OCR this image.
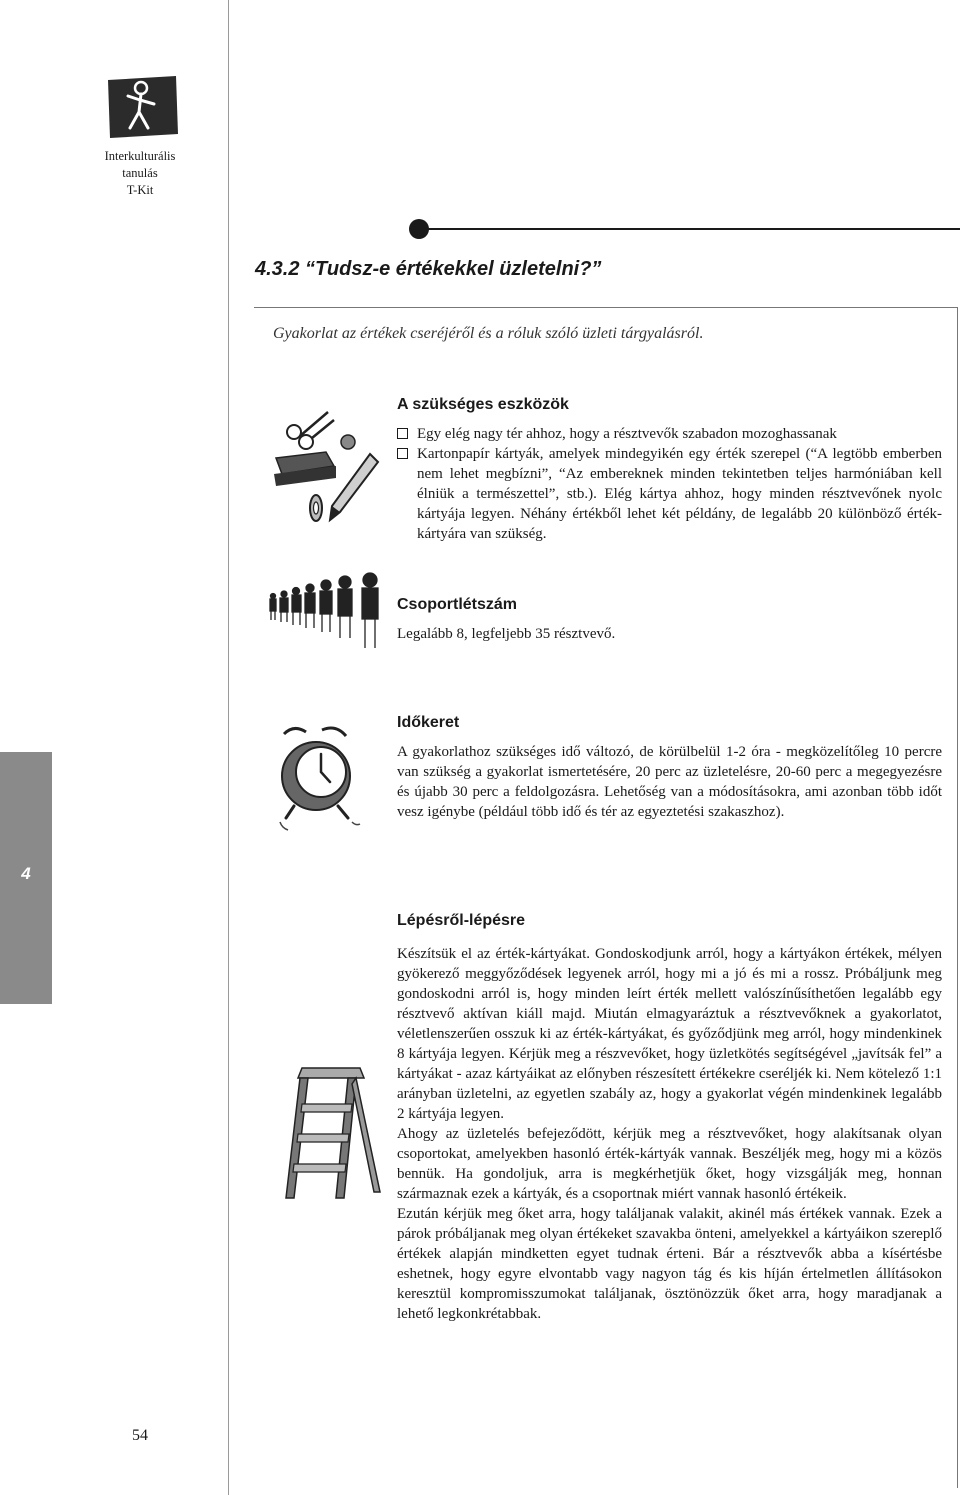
Interkulturális
tanulás
T-Kit
4
54
4.3.2 “Tudsz-e értékekkel üzletelni?”
Gyakorlat az értékek cseréjéről és a róluk szóló üzleti tárgyalásról.
A szükséges eszközök
Egy elég nagy tér ahhoz, hogy a résztvevők szabadon mozoghassanak
Kartonpapír kártyák, amelyek mindegyikén egy érték szerepel (“A legtöbb emberben nem lehet megbízni”, “Az embereknek minden tekintetben teljes harmóniában kell élniük a természettel”, stb.). Elég kártya ahhoz, hogy minden résztvevőnek nyolc kártyája legyen. Néhány értékből lehet két példány, de legalább 20 különböző érték-kártyára van szükség.
Csoportlétszám

Legalább 8, legfeljebb 35 résztvevő.

Időkeret

A gyakorlathoz szükséges idő változó, de körülbelül 1-2 óra - megközelítőleg 10 percre van szükség a gyakorlat ismertetésére, 20 perc az üzletelésre, 20-60 perc a megegyezésre és újabb 30 perc a feldolgozásra. Lehetőség van a módosításokra, ami azonban több időt vesz igénybe (például több idő és tér az egyeztetési szakaszhoz).

Lépésről-lépésre

Készítsük el az érték-kártyákat. Gondoskodjunk arról, hogy a kártyákon értékek, mélyen gyökerező meggyőződések legyenek arról, hogy mi a jó és mi a rossz. Próbáljunk meg gondoskodni arról is, hogy minden leírt érték mellett valószínűsíthetően legalább egy résztvevő aktívan kiáll majd. Miután elmagyaráztuk a résztvevőknek a gyakorlatot, véletlenszerűen osszuk ki az érték-kártyákat, és győződjünk meg arról, hogy mindenkinek 8 kártyája legyen. Kérjük meg a részvevőket, hogy üzletkötés segítségével „javítsák fel” a kártyákat - azaz kártyáikat az előnyben részesített értékekre cseréljék ki. Nem kötelező 1:1 arányban üzletelni, az egyetlen szabály az, hogy a gyakorlat végén mindenkinek legalább 2 kártyája legyen.

Ahogy az üzletelés befejeződött, kérjük meg a résztvevőket, hogy alakítsanak olyan csoportokat, amelyekben hasonló érték-kártyák vannak. Beszéljék meg, hogy mi a közös bennük. Ha gondoljuk, arra is megkérhetjük őket, hogy vizsgálják meg, honnan származnak ezek a kártyák, és a csoportnak miért vannak hasonló értékeik.

Ezután kérjük meg őket arra, hogy találjanak valakit, akinél más értékek vannak. Ezek a párok próbáljanak meg olyan értékeket szavakba önteni, amelyekkel a kártyáikon szereplő értékek alapján mindketten egyet tudnak érteni. Bár a résztvevők abba a kísértésbe eshetnek, hogy egyre elvontabb vagy nagyon tág és kis híján értelmetlen állításokon keresztül kompromisszumokat találjanak, ösztönözzük őket arra, hogy maradjanak a lehető legkonkrétabbak.
